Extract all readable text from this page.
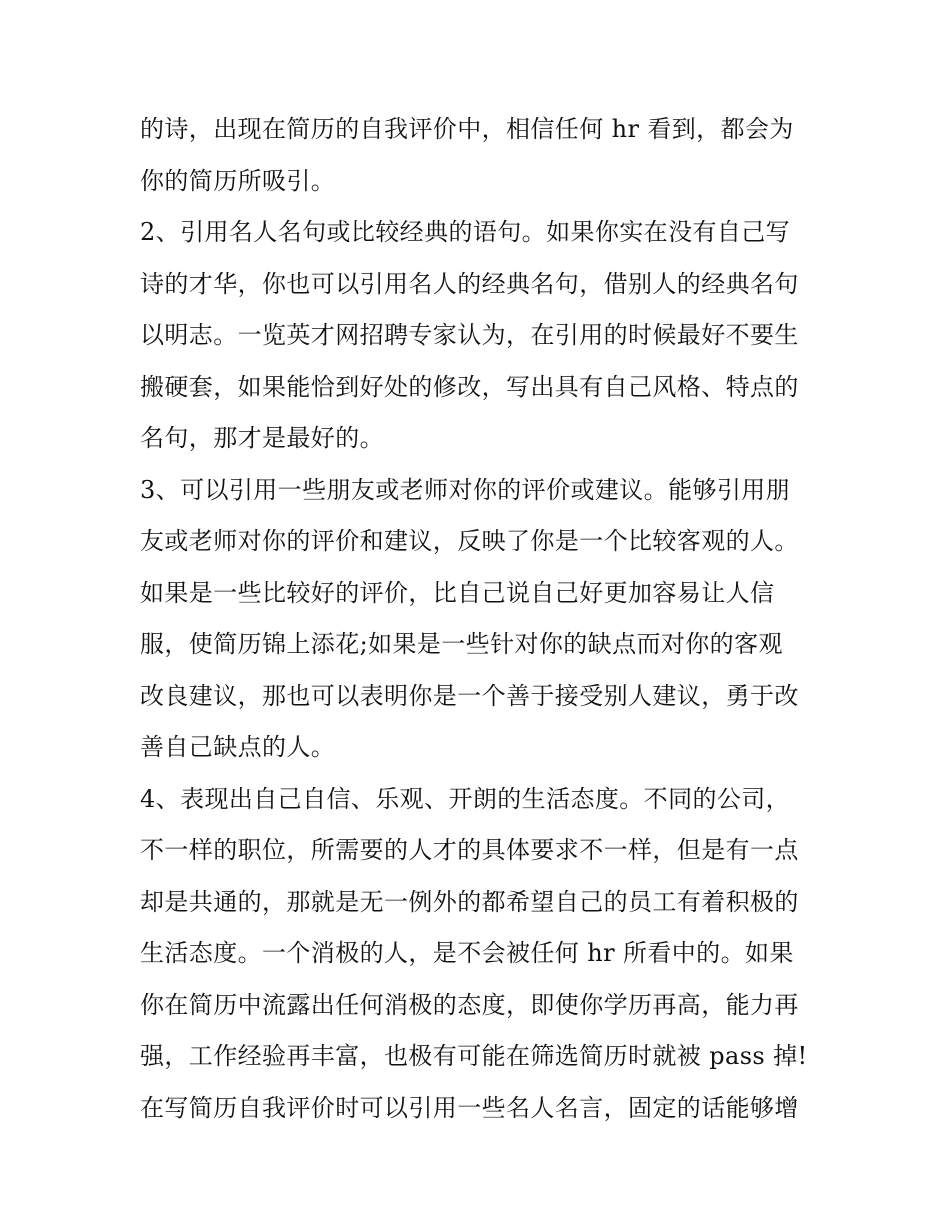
的诗，出现在简历的自我评价中，相信任何 hr 看到，都会为
你的简历所吸引。
2、引用名人名句或比较经典的语句。如果你实在没有自己写
诗的才华，你也可以引用名人的经典名句，借别人的经典名句
以明志。一览英才网招聘专家认为，在引用的时候最好不要生
搬硬套，如果能恰到好处的修改，写出具有自己风格、特点的
名句，那才是最好的。
3、可以引用一些朋友或老师对你的评价或建议。能够引用朋
友或老师对你的评价和建议，反映了你是一个比较客观的人。
如果是一些比较好的评价，比自己说自己好更加容易让人信
服，使简历锦上添花;如果是一些针对你的缺点而对你的客观
改良建议，那也可以表明你是一个善于接受别人建议，勇于改
善自己缺点的人。
4、表现出自己自信、乐观、开朗的生活态度。不同的公司，
不一样的职位，所需要的人才的具体要求不一样，但是有一点
却是共通的，那就是无一例外的都希望自己的员工有着积极的
生活态度。一个消极的人，是不会被任何 hr 所看中的。如果
你在简历中流露出任何消极的态度，即使你学历再高，能力再
强，工作经验再丰富，也极有可能在筛选简历时就被 pass 掉!
在写简历自我评价时可以引用一些名人名言，固定的话能够增
